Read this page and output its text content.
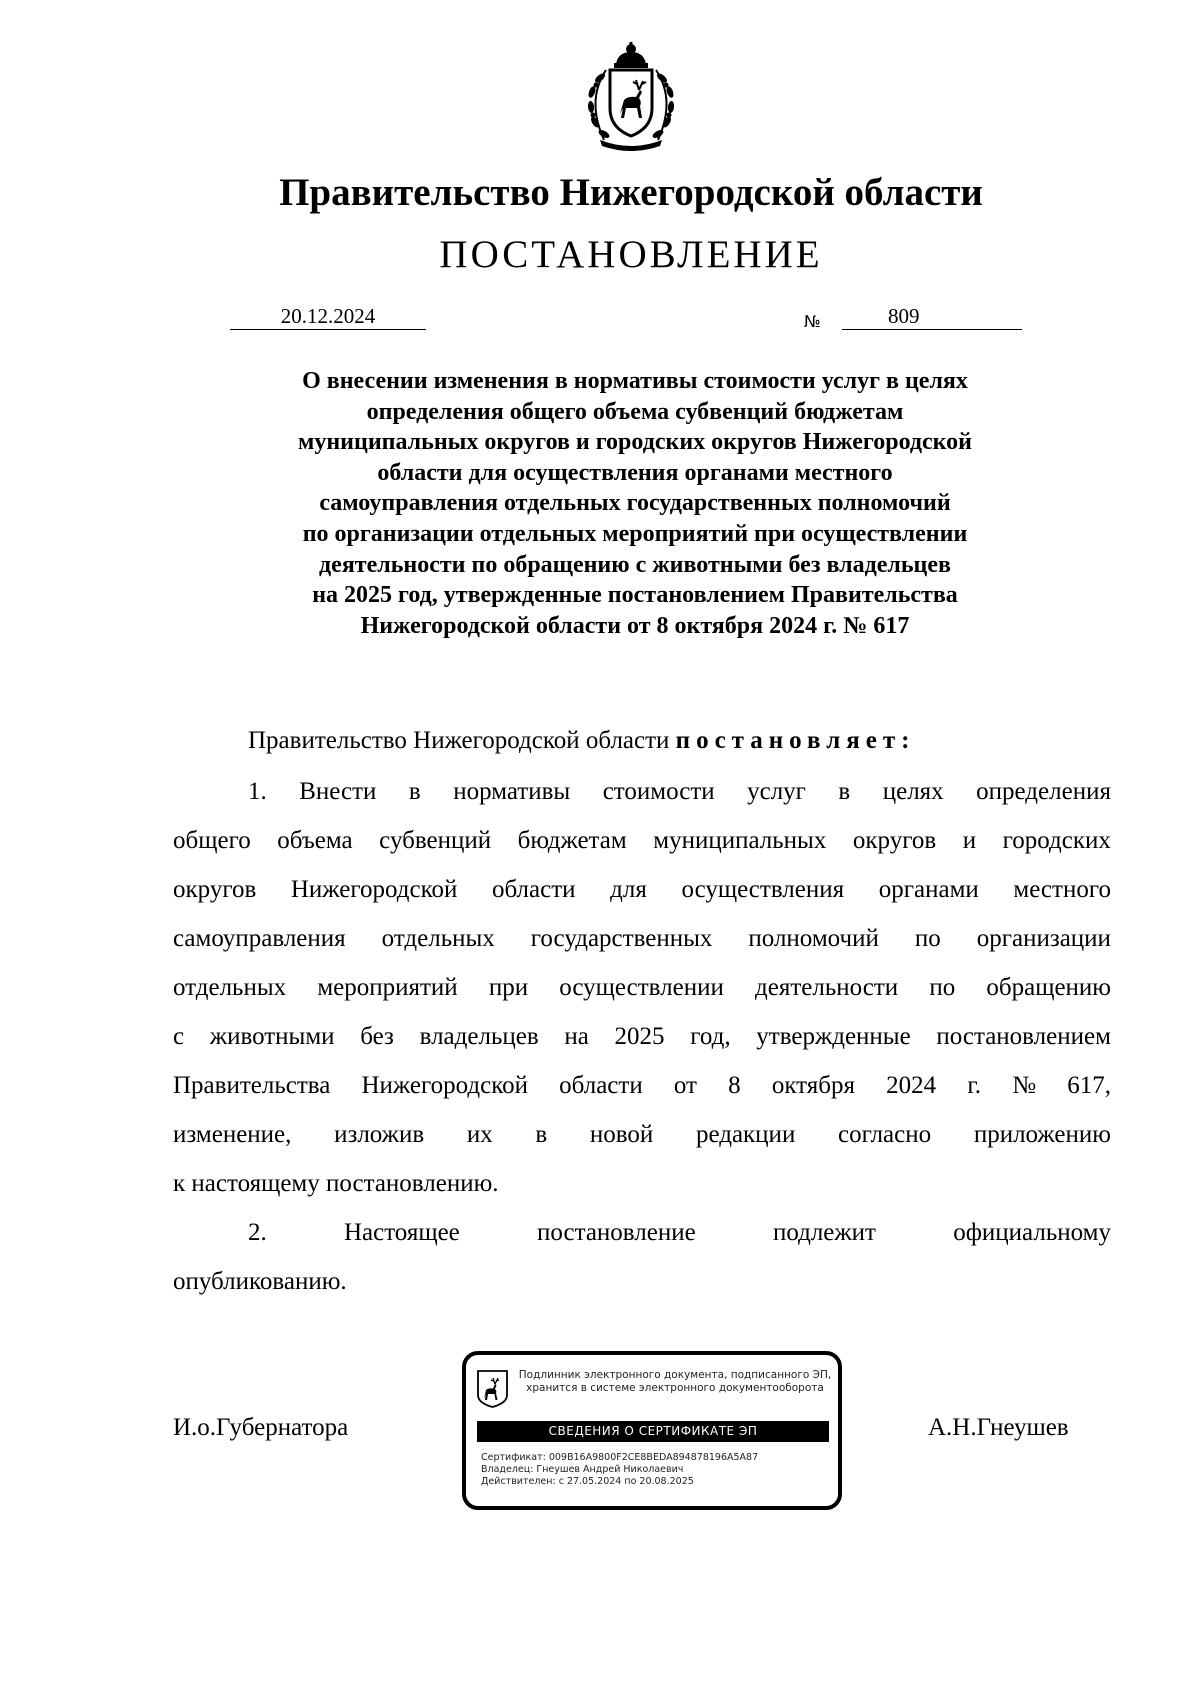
Правительство Нижегородской области
ПОСТАНОВЛЕНИЕ
20.12.2024	№	809
О внесении изменения в нормативы стоимости услуг в целях
определения общего объема субвенций бюджетам
муниципальных округов и городских округов Нижегородской
области для осуществления органами местного
самоуправления отдельных государственных полномочий
по организации отдельных мероприятий при осуществлении
деятельности по обращению с животными без владельцев
на 2025 год, утвержденные постановлением Правительства
Нижегородской области от 8 октября 2024 г. № 617
Правительство Нижегородской области постановляет:
1. Внести в нормативы стоимости услуг в целях определения
общего объема субвенций бюджетам муниципальных округов и городских
округов Нижегородской области для осуществления органами местного
самоуправления отдельных государственных полномочий по организации
отдельных мероприятий при осуществлении деятельности по обращению
с животными без владельцев на 2025 год, утвержденные постановлением
Правительства Нижегородской области от 8 октября 2024 г. № 617,
изменение, изложив их в новой редакции согласно приложению
к настоящему постановлению.
2.	Настоящее	постановление	подлежит	официальному
опубликованию.
И.о.Губернатора
Подлинник электронного документа, подписанного ЭП,
хранится в системе электронного документооборота
СВЕДЕНИЯ О СЕРТИФИКАТЕ ЭП
Сертификат: 009B16A9800F2CE8BEDA894878196A5A87
Владелец: Гнеушев Андрей Николаевич
Действителен: с 27.05.2024 по 20.08.2025
А.Н.Гнеушев
